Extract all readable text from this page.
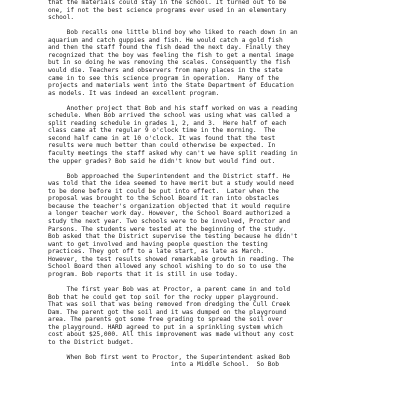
that the materials could stay in the school. It turned out to be
one, if not the best science programs ever used in an elementary
school.
Bob recalls one little blind boy who liked to reach down in an
aquarium and catch guppies and fish. He would catch a gold fish
and then the staff found the fish dead the next day. Finally they
recognized that the boy was feeling the fish to get a mental image
but in so doing he was removing the scales. Consequently the fish
would die. Teachers and observers from many places in the state
came in to see this science program in operation.  Many of the
projects and materials went into the State Department of Education
as models. It was indeed an excellent program.
Another project that Bob and his staff worked on was a reading
schedule. When Bob arrived the school was using what was called a
split reading schedule in grades 1, 2, and 3.  Here half of each
class came at the regular 9 o'clock time in the morning.  The
second half came in at 10 o'clock. It was found that the test
results were much better than could otherwise be expected. In
faculty meetings the staff asked why can't we have split reading in
the upper grades? Bob said he didn't know but would find out.
Bob approached the Superintendent and the District staff. He
was told that the idea seemed to have merit but a study would need
to be done before it could be put into effect.  Later when the
proposal was brought to the School Board it ran into obstacles
because the teacher's organization objected that it would require
a longer teacher work day. However, the School Board authorized a
study the next year. Two schools were to be involved, Proctor and
Parsons. The students were tested at the beginning of the study.
Bob asked that the District supervise the testing because he didn't
want to get involved and having people question the testing
practices. They got off to a late start, as late as March.
However, the test results showed remarkable growth in reading. The
School Board then allowed any school wishing to do so to use the
program. Bob reports that it is still in use today.
The first year Bob was at Proctor, a parent came in and told
Bob that he could get top soil for the rocky upper playground.
That was soil that was being removed from dredging the Cull Creek
Dam. The parent got the soil and it was dumped on the playground
area. The parents got some free grading to spread the soil over
the playground. HARD agreed to put in a sprinkling system which
cost about $25,000. All this improvement was made without any cost
to the District budget.
When Bob first went to Proctor, the Superintendent asked Bob
into a Middle School.  So Bob
